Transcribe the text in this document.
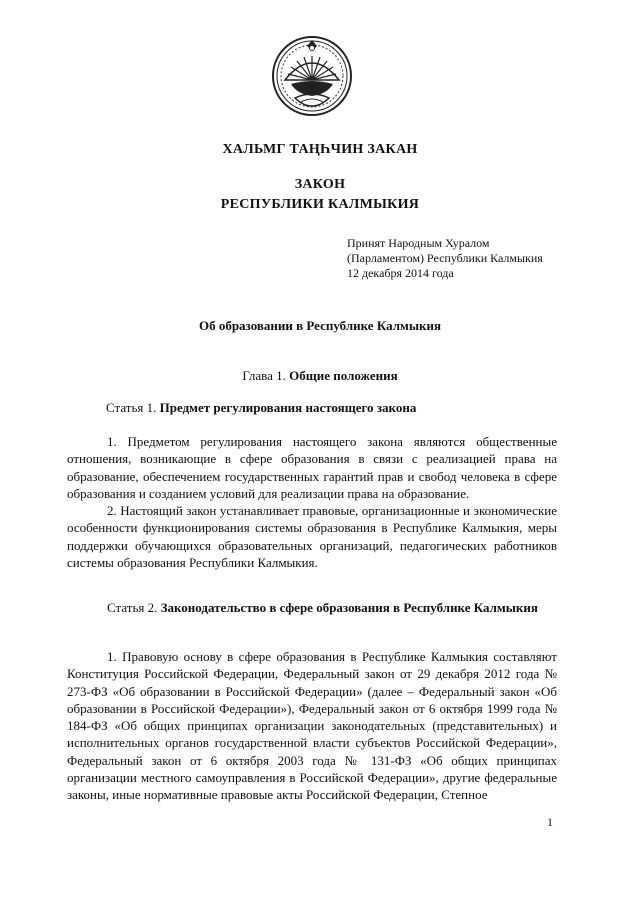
ХАЛЬМГ ТАҢҺЧИН ЗАКАН
ЗАКОН
РЕСПУБЛИКИ КАЛМЫКИЯ
Принят Народным Хуралом
(Парламентом) Республики Калмыкия
12 декабря 2014 года
Об образовании в Республике Калмыкия
Глава 1. Общие положения
Статья 1. Предмет регулирования настоящего закона

1. Предметом регулирования настоящего закона являются общественные отношения, возникающие в сфере образования в связи с реализацией права на образование, обеспечением государственных гарантий прав и свобод человека в сфере образования и созданием условий для реализации права на образование.

2. Настоящий закон устанавливает правовые, организационные и экономические особенности функционирования системы образования в Республике Калмыкия, меры поддержки обучающихся образовательных организаций, педагогических работников системы образования Республики Калмыкия.

Статья 2. Законодательство в сфере образования в Республике Калмыкия

1. Правовую основу в сфере образования в Республике Калмыкия составляют Конституция Российской Федерации, Федеральный закон от 29 декабря 2012 года № 273-ФЗ «Об образовании в Российской Федерации» (далее – Федеральный закон «Об образовании в Российской Федерации»), Федеральный закон от 6 октября 1999 года № 184-ФЗ «Об общих принципах организации законодательных (представительных) и исполнительных органов государственной власти субъектов Российской Федерации», Федеральный закон от 6 октября 2003 года № 131-ФЗ «Об общих принципах организации местного самоуправления в Российской Федерации», другие федеральные законы, иные нормативные правовые акты Российской Федерации, Степное

1
